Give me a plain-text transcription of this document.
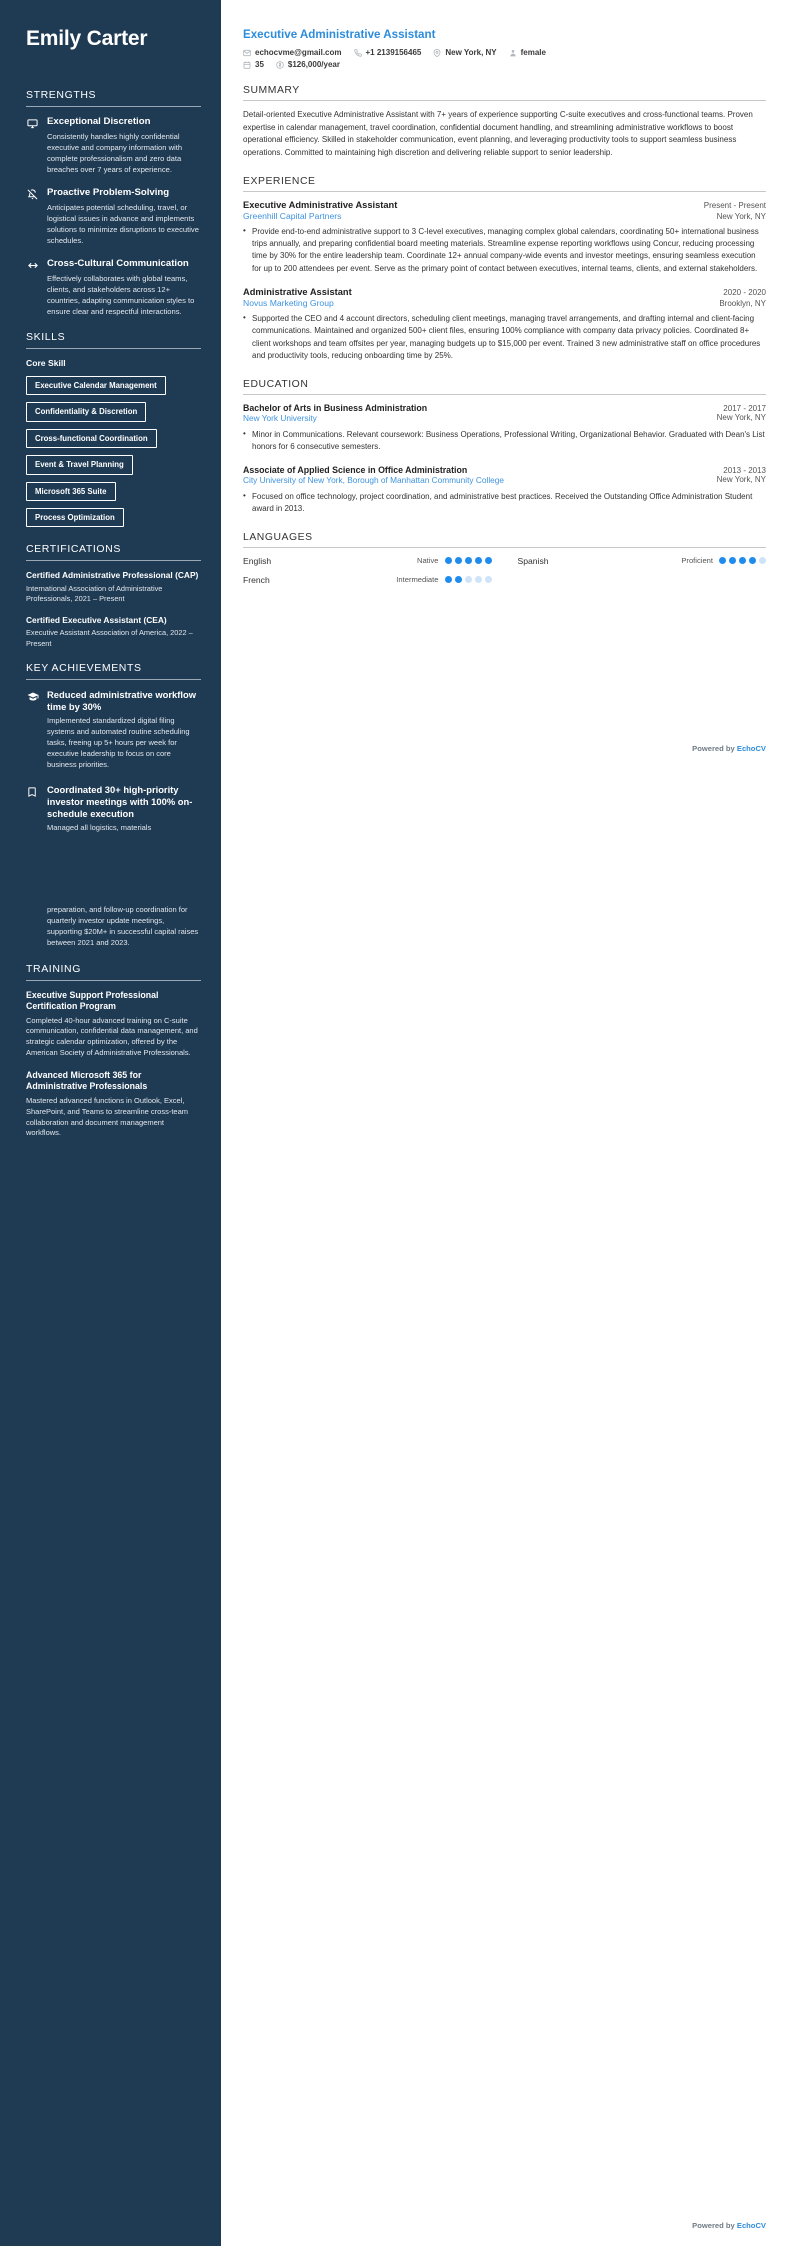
Emily Carter
STRENGTHS
Exceptional Discretion
Consistently handles highly confidential executive and company information with complete professionalism and zero data breaches over 7 years of experience.
Proactive Problem-Solving
Anticipates potential scheduling, travel, or logistical issues in advance and implements solutions to minimize disruptions to executive schedules.
Cross-Cultural Communication
Effectively collaborates with global teams, clients, and stakeholders across 12+ countries, adapting communication styles to ensure clear and respectful interactions.
SKILLS
Core Skill
Executive Calendar Management
Confidentiality & Discretion
Cross-functional Coordination
Event & Travel Planning
Microsoft 365 Suite
Process Optimization
CERTIFICATIONS
Certified Administrative Professional (CAP)
International Association of Administrative Professionals, 2021 – Present
Certified Executive Assistant (CEA)
Executive Assistant Association of America, 2022 – Present
KEY ACHIEVEMENTS
Reduced administrative workflow time by 30%
Implemented standardized digital filing systems and automated routine scheduling tasks, freeing up 5+ hours per week for executive leadership to focus on core business priorities.
Coordinated 30+ high-priority investor meetings with 100% on-schedule execution
Managed all logistics, materials
preparation, and follow-up coordination for quarterly investor update meetings, supporting $20M+ in successful capital raises between 2021 and 2023.
TRAINING
Executive Support Professional Certification Program
Completed 40-hour advanced training on C-suite communication, confidential data management, and strategic calendar optimization, offered by the American Society of Administrative Professionals.
Advanced Microsoft 365 for Administrative Professionals
Mastered advanced functions in Outlook, Excel, SharePoint, and Teams to streamline cross-team collaboration and document management workflows.
Executive Administrative Assistant
echocvme@gmail.com	+1 2139156465	New York, NY	female
35	$126,000/year
SUMMARY

Detail-oriented Executive Administrative Assistant with 7+ years of experience supporting C-suite executives and cross-functional teams. Proven expertise in calendar management, travel coordination, confidential document handling, and streamlining administrative workflows to boost operational efficiency. Skilled in stakeholder communication, event planning, and leveraging productivity tools to support seamless business operations. Committed to maintaining high discretion and delivering reliable support to senior leadership.

EXPERIENCE
Executive Administrative Assistant	Present - Present
Greenhill Capital Partners	New York, NY
• Provide end-to-end administrative support to 3 C-level executives, managing complex global calendars, coordinating 50+ international business trips annually, and preparing confidential board meeting materials. Streamline expense reporting workflows using Concur, reducing processing time by 30% for the entire leadership team. Coordinate 12+ annual company-wide events and investor meetings, ensuring seamless execution for up to 200 attendees per event. Serve as the primary point of contact between executives, internal teams, clients, and external stakeholders.
Administrative Assistant	2020 - 2020
Novus Marketing Group	Brooklyn, NY
• Supported the CEO and 4 account directors, scheduling client meetings, managing travel arrangements, and drafting internal and client-facing communications. Maintained and organized 500+ client files, ensuring 100% compliance with company data privacy policies. Coordinated 8+ client workshops and team offsites per year, managing budgets up to $15,000 per event. Trained 3 new administrative staff on office procedures and productivity tools, reducing onboarding time by 25%.
EDUCATION
Bachelor of Arts in Business Administration	2017 - 2017
New York University	New York, NY
• Minor in Communications. Relevant coursework: Business Operations, Professional Writing, Organizational Behavior. Graduated with Dean's List honors for 6 consecutive semesters.
Associate of Applied Science in Office Administration	2013 - 2013
City University of New York, Borough of Manhattan Community College	New York, NY
• Focused on office technology, project coordination, and administrative best practices. Received the Outstanding Office Administration Student award in 2013.
LANGUAGES
English	Native	Spanish	Proficient
French	Intermediate
Powered by EchoCV
Powered by EchoCV
